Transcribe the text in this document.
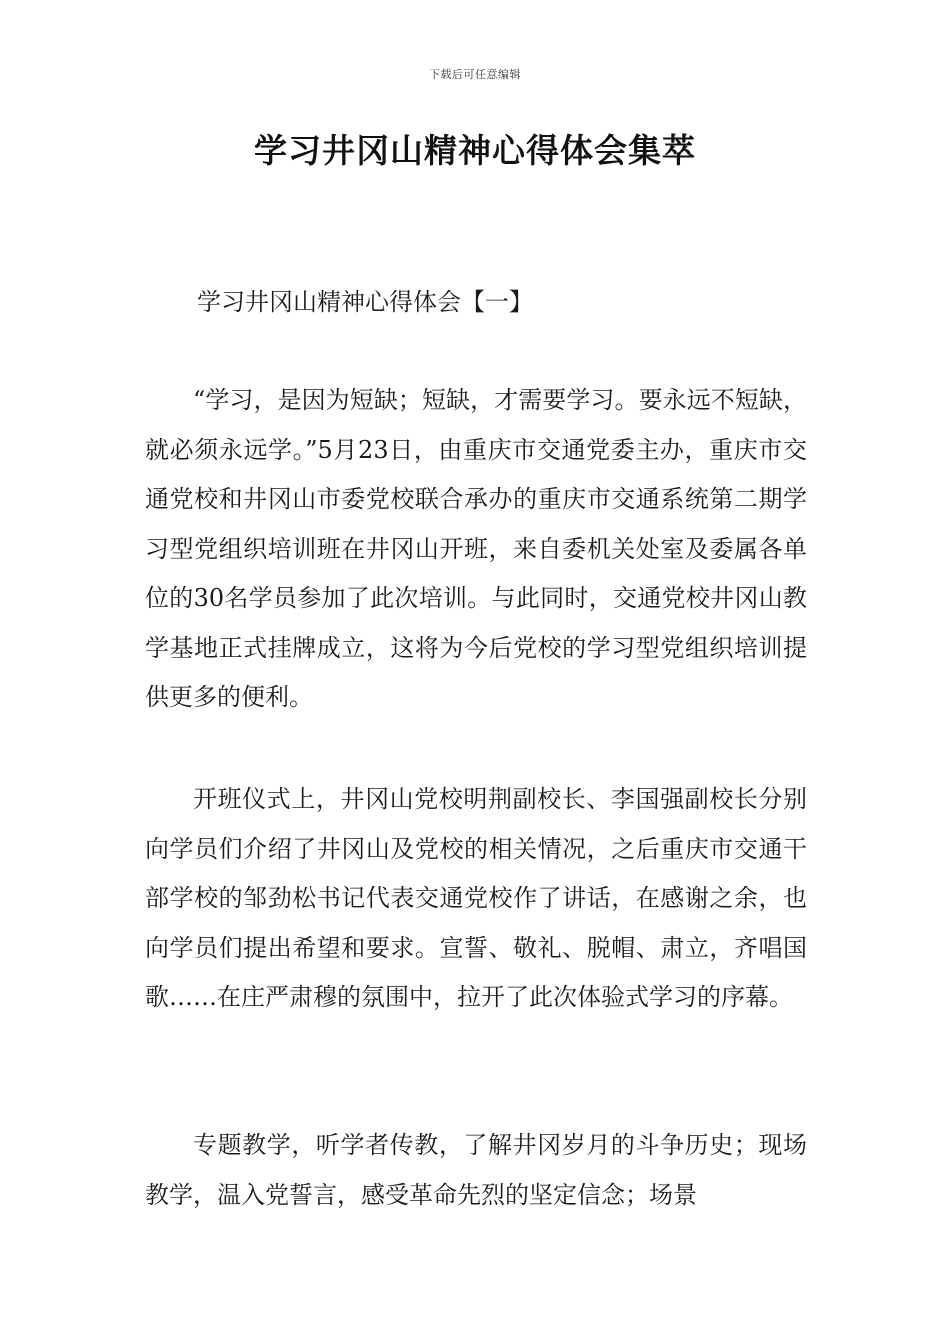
下载后可任意编辑
学习井冈山精神心得体会集萃
学习井冈山精神心得体会【一】
“学习，是因为短缺；短缺，才需要学习。要永远不短缺，就必须永远学。”5月23日，由重庆市交通党委主办，重庆市交通党校和井冈山市委党校联合承办的重庆市交通系统第二期学习型党组织培训班在井冈山开班，来自委机关处室及委属各单位的30名学员参加了此次培训。与此同时，交通党校井冈山教学基地正式挂牌成立，这将为今后党校的学习型党组织培训提供更多的便利。
开班仪式上，井冈山党校明荆副校长、李国强副校长分别向学员们介绍了井冈山及党校的相关情况，之后重庆市交通干部学校的邹劲松书记代表交通党校作了讲话，在感谢之余，也向学员们提出希望和要求。宣誓、敬礼、脱帽、肃立，齐唱国歌……在庄严肃穆的氛围中，拉开了此次体验式学习的序幕。
专题教学，听学者传教，了解井冈岁月的斗争历史；现场教学，温入党誓言，感受革命先烈的坚定信念；场景
